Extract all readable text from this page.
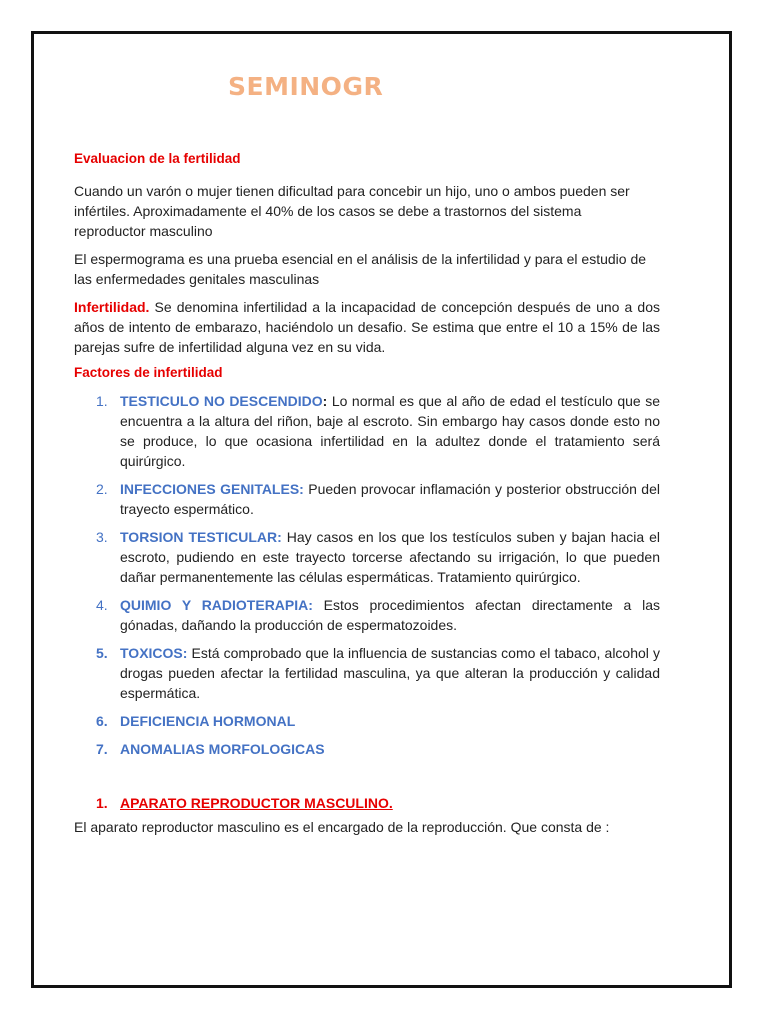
SEMINOGR

Evaluacion de la fertilidad

Cuando un varón o mujer tienen dificultad para concebir un hijo, uno o ambos pueden ser infértiles. Aproximadamente el 40% de los casos se debe a trastornos del sistema reproductor masculino

El espermograma es una prueba esencial en el análisis de la infertilidad y para el estudio de las enfermedades genitales masculinas

Infertilidad. Se denomina infertilidad a la incapacidad de concepción después de uno a dos años de intento de embarazo, haciéndolo un desafio. Se estima que entre el 10 a 15% de las parejas sufre de infertilidad alguna vez en su vida.

Factores de infertilidad

1. TESTICULO NO DESCENDIDO: Lo normal es que al año de edad el testículo que se encuentra a la altura del riñon, baje al escroto. Sin embargo hay casos donde esto no se produce, lo que ocasiona infertilidad en la adultez donde el tratamiento será quirúrgico.
2. INFECCIONES GENITALES: Pueden provocar inflamación y posterior obstrucción del trayecto espermático.
3. TORSION TESTICULAR: Hay casos en los que los testículos suben y bajan hacia el escroto, pudiendo en este trayecto torcerse afectando su irrigación, lo que pueden dañar permanentemente las células espermáticas. Tratamiento quirúrgico.
4. QUIMIO Y RADIOTERAPIA: Estos procedimientos afectan directamente a las gónadas, dañando la producción de espermatozoides.
5. TOXICOS: Está comprobado que la influencia de sustancias como el tabaco, alcohol y drogas pueden afectar la fertilidad masculina, ya que alteran la producción y calidad espermática.
6. DEFICIENCIA HORMONAL
7. ANOMALIAS MORFOLOGICAS
1. APARATO REPRODUCTOR MASCULINO.

El aparato reproductor masculino es el encargado de la reproducción. Que consta de :
